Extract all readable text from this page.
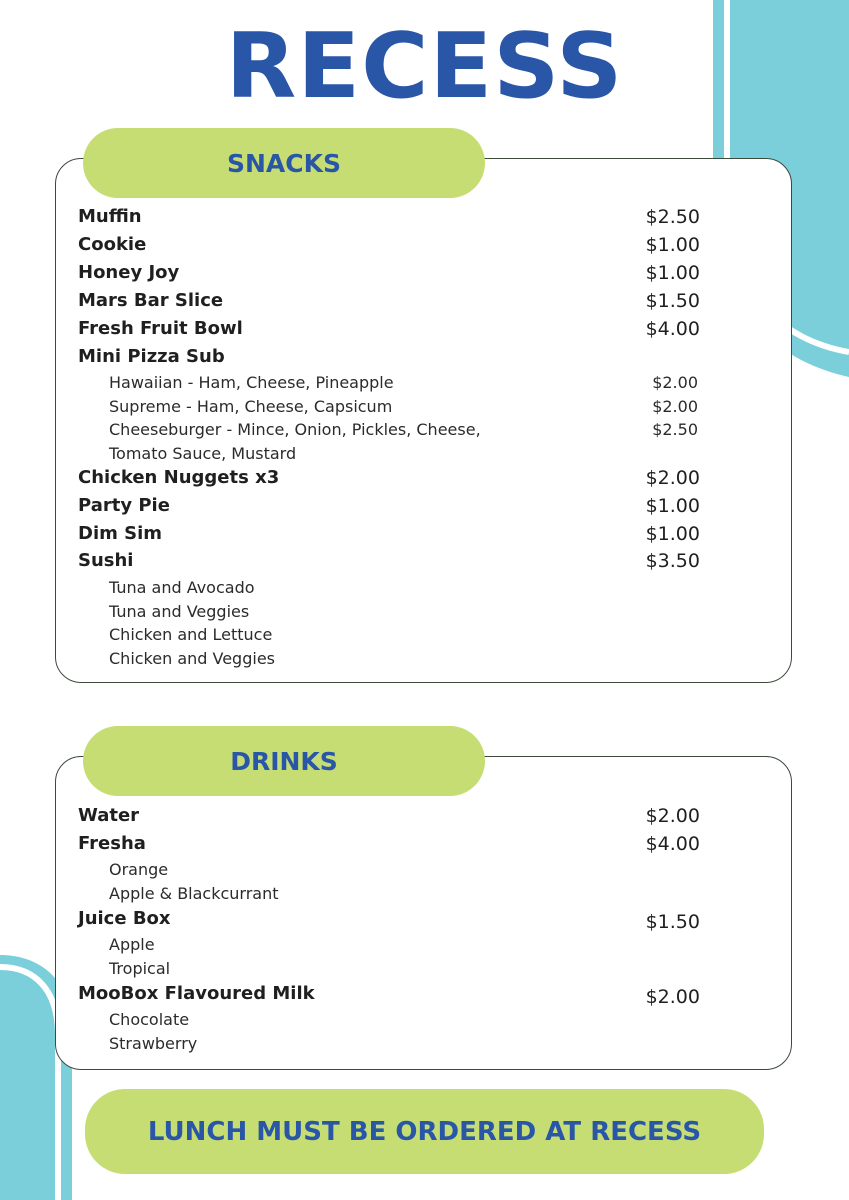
RECESS
SNACKS
Muffin	$2.50
Cookie	$1.00
Honey Joy	$1.00
Mars Bar Slice	$1.50
Fresh Fruit Bowl	$4.00
Mini Pizza Sub
Hawaiian - Ham, Cheese, Pineapple	$2.00
Supreme - Ham, Cheese, Capsicum	$2.00
Cheeseburger - Mince, Onion, Pickles, Cheese,	$2.50
Tomato Sauce, Mustard
Chicken Nuggets x3	$2.00
Party Pie	$1.00
Dim Sim	$1.00
Sushi	$3.50
Tuna and Avocado
Tuna and Veggies
Chicken and Lettuce
Chicken and Veggies
DRINKS
Water	$2.00
Fresha	$4.00
Orange
Apple & Blackcurrant
Juice Box	$1.50
Apple
Tropical
MooBox Flavoured Milk	$2.00
Chocolate
Strawberry
LUNCH MUST BE ORDERED AT RECESS
